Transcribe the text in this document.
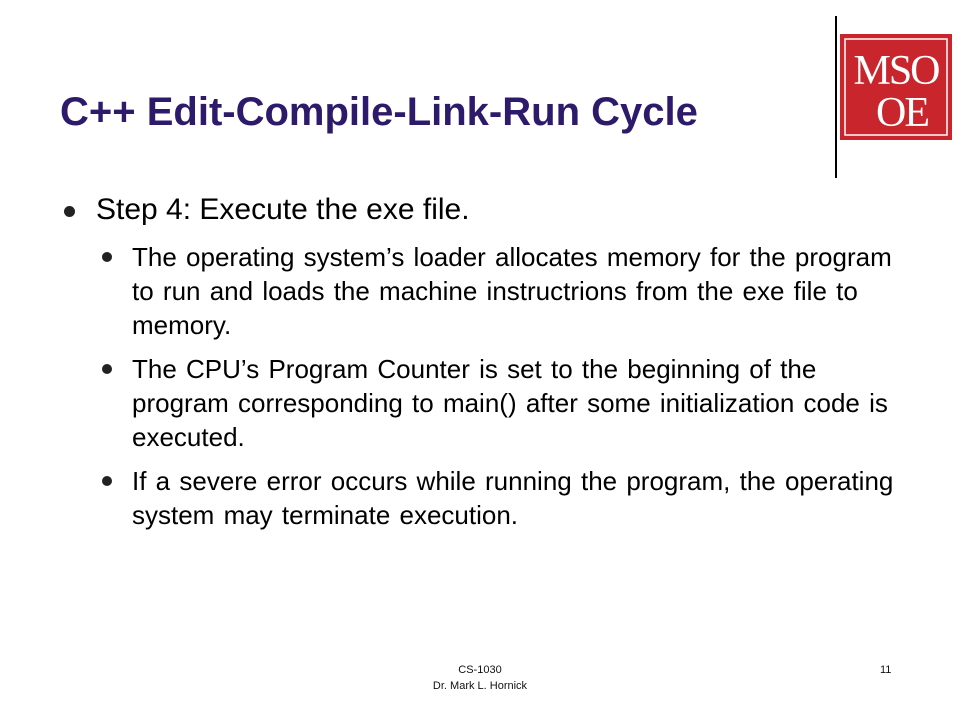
C++ Edit-Compile-Link-Run Cycle
MSO
OE
Step 4: Execute the exe file.
The operating system’s loader allocates memory for the program to run and loads the machine instructrions from the exe file to memory.
The CPU’s Program Counter is set to the beginning of the program corresponding to main() after some initialization code is executed.
If a severe error occurs while running the program, the operating system may terminate execution.
CS-1030
Dr. Mark L. Hornick
11
